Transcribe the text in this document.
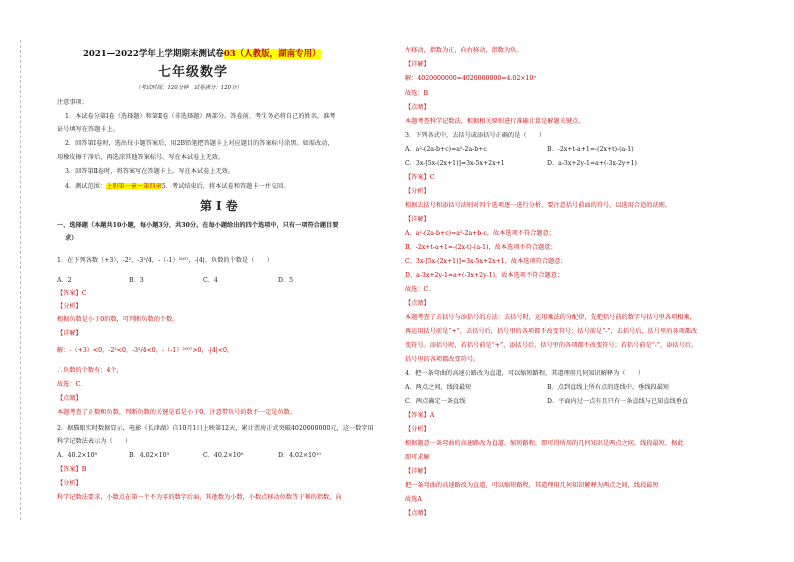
2021—2022学年上学期期末测试卷03（人教版，湖南专用）
七年级数学
（考试时间：120分钟　试卷满分：120分）
注意事项：
1．本试卷分第Ⅰ卷（选择题）和第Ⅱ卷（非选择题）两部分。答卷前，考生务必将自己的姓名、准考
证号填写在答题卡上。
2．回答第Ⅰ卷时，选出每小题答案后，用2B铅笔把答题卡上对应题目的答案标号涂黑。如需改动，
用橡皮擦干净后，再选涂其他答案标号。写在本试卷上无效。
3．回答第Ⅱ卷时，将答案写在答题卡上。写在本试卷上无效。
4．测试范围：上册第一章～第四章5．考试结束后，将本试卷和答题卡一并交回。
第Ⅰ卷
一、选择题（本题共10小题，每小题3分，共30分。在每小题给出的四个选项中，只有一项符合题目要
求）
1．在下列各数（+3），-2²，-3²/4，-（-1）²⁰⁰⁷，-|4|，负数的个数是（　　）
A．2	B．3	C．4	D．5
【答案】C
【分析】
根据负数是小于0的数，可判断负数的个数。
【详解】
解：-（+3）<0，-2²<0，-3²/4<0，-（-1）²⁰⁰⁷>0，-|4|<0，
∴负数的个数有：4个，
故选：C．
【点睛】
本题考查了正数和负数，判断负数的关键是看是小于0，注意带负号的数不一定是负数。
2．据猫眼实时数据显示，电影《长津湖》自10月1日上映第12天，累计票房正式突破4020000000元，这一数字用
科学记数法表示为（　　）
A．40.2×10⁸	B．4.02×10⁹	C．40.2×10⁹	D．4.02×10¹⁰
【答案】B
【分析】
科学记数法要求，小数点在第一个不为零的数字后面，其他数为小数，小数点移动位数等于幂的指数，向
左移动，指数为正，向右移动，指数为负。
【详解】
解：4020000000=4020000000=4.02×10⁹
故选：B
【点睛】
本题考查科学记数法，根据相关原则进行准确计算是解题关键点。
3．下列各式中，去括号或添括号正确的是（　　）
A．a²-(2a-b+c)=a²-2a-b+c	B．-2x+t-a+1=-(2x+t)-(a-1)
C．3x-[5x-(2x+1)]=3x-5x+2x+1	D．a-3x+2y-1=a+(-3x-2y+1)
【答案】C
【分析】
根据去括号和添括号法则对四个选项逐一进行分析，要注意括号前面的符号，以选用合适的法则。
【详解】
A、a²-(2a-b+c)=a²-2a+b-c，故本选项不符合题意；
B、-2x+t-a+1=-(2x-t)-(a-1)，故本选项不符合题意；
C、3x-[5x-(2x+1)]=3x-5x+2x+1，故本选项符合题意；
D、a-3x+2y-1=a+(-3x+2y-1)，故本选项不符合题意；
故选：C．
【点睛】
本题考查了去括号与添括号的方法：去括号时，运用乘法的分配律，先把括号前的数字与括号里各项相乘，
再运用括号前是“+”，去括号后，括号里的各项都不改变符号；括号前是“-”，去括号后，括号里的各项都改
变符号。添括号时，若括号前是“+”，添括号后，括号里的各项都不改变符号；若括号前是“-”，添括号后，
括号里的各项都改变符号。
4．把一条弯曲的高速公路改为直道，可以缩短路程，其道理用几何知识解释为（　　）
A．两点之间，线段最短	B．点到直线上所有点的连线中，垂线段最短
C．两点确定一条直线	D．平面内过一点有且只有一条直线与已知直线垂直
【答案】A
【分析】
根据题意一条弯曲的高速路改为直道，缩短路程，即可得所用的几何知识是两点之间，线段最短，据此
即可求解
【详解】
把一条弯曲的高速路改为直道，可以缩短路程，其道理用几何知识解释为两点之间，线段最短
故选A
【点睛】
